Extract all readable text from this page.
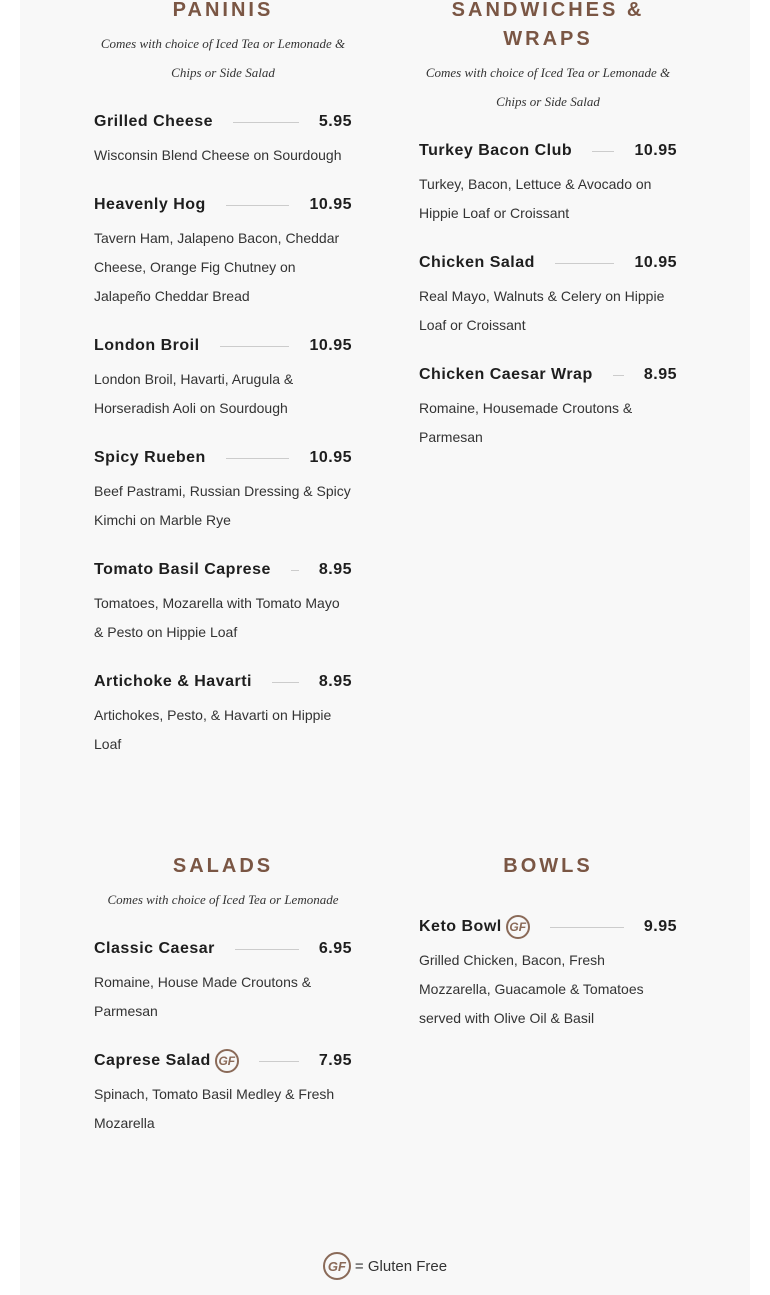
PANINIS

Comes with choice of Iced Tea or Lemonade & Chips or Side Salad

Grilled Cheese	5.95
Wisconsin Blend Cheese on Sourdough
Heavenly Hog	10.95
Tavern Ham, Jalapeno Bacon, Cheddar Cheese, Orange Fig Chutney on Jalapeño Cheddar Bread
London Broil	10.95
London Broil, Havarti, Arugula & Horseradish Aoli on Sourdough
Spicy Rueben	10.95
Beef Pastrami, Russian Dressing & Spicy Kimchi on Marble Rye
Tomato Basil Caprese	8.95
Tomatoes, Mozarella with Tomato Mayo & Pesto on Hippie Loaf
Artichoke & Havarti	8.95
Artichokes, Pesto, & Havarti on Hippie Loaf
SANDWICHES & WRAPS

Comes with choice of Iced Tea or Lemonade & Chips or Side Salad

Turkey Bacon Club	10.95
Turkey, Bacon, Lettuce & Avocado on Hippie Loaf or Croissant
Chicken Salad	10.95
Real Mayo, Walnuts & Celery on Hippie Loaf or Croissant
Chicken Caesar Wrap	8.95
Romaine, Housemade Croutons & Parmesan
SALADS

Comes with choice of Iced Tea or Lemonade

Classic Caesar	6.95
Romaine, House Made Croutons & Parmesan
Caprese Salad GF	7.95
Spinach, Tomato Basil Medley & Fresh Mozarella
BOWLS
Keto Bowl GF	9.95
Grilled Chicken, Bacon, Fresh Mozzarella, Guacamole & Tomatoes served with Olive Oil & Basil
GF = Gluten Free
